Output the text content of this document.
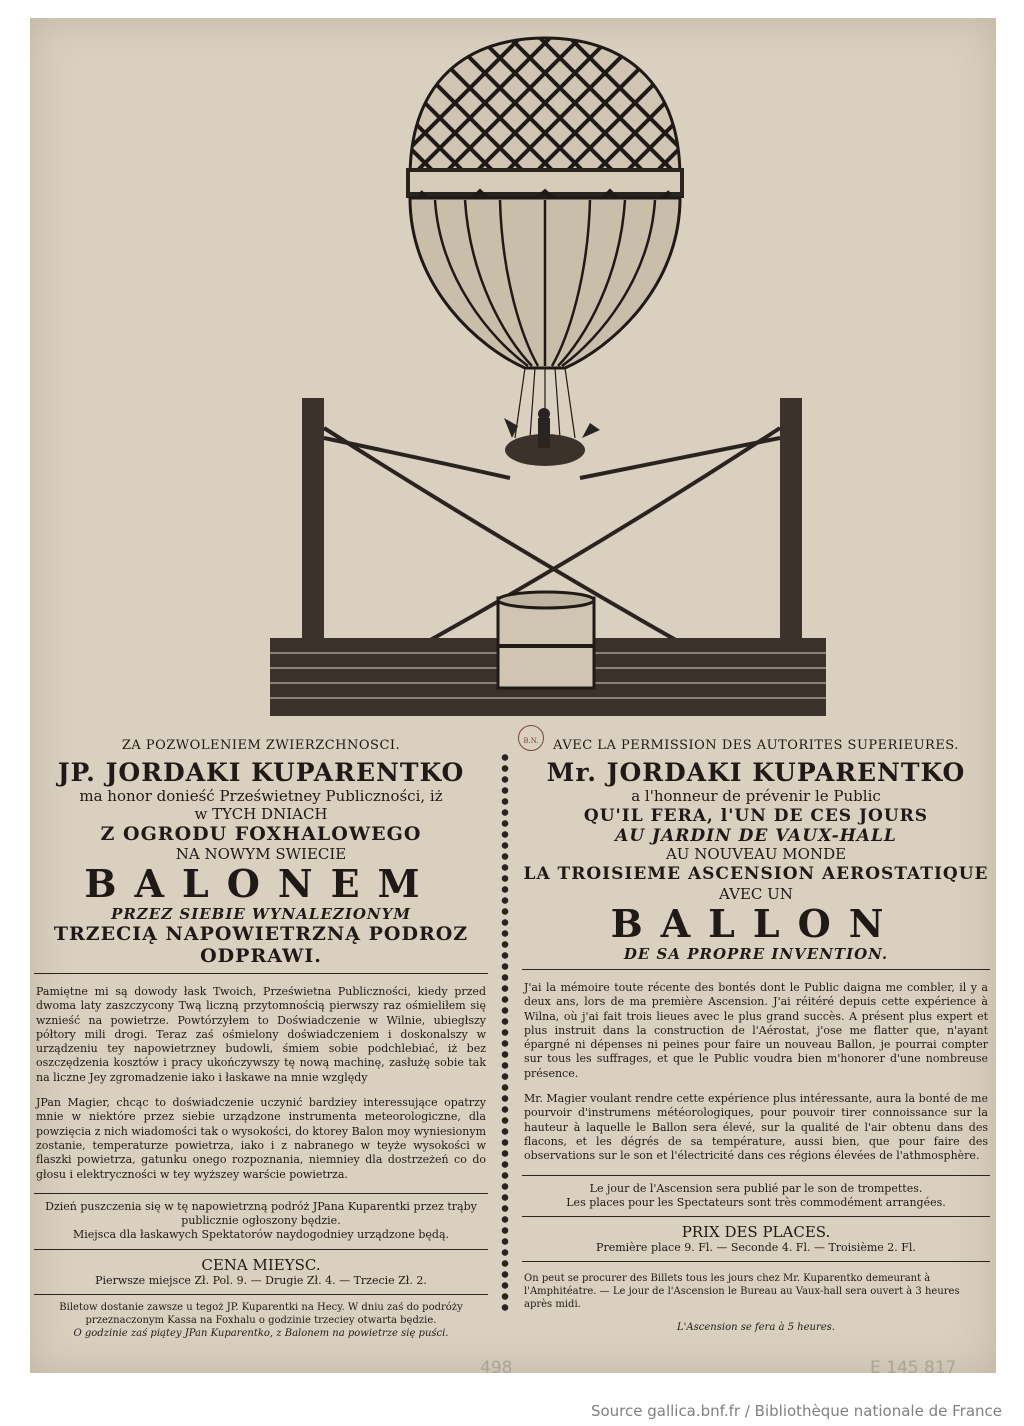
B.N.

ZA POZWOLENIEM ZWIERZCHNOSCI.

JP. JORDAKI KUPARENTKO

ma honor donieść Prześwietney Publiczności, iż

w TYCH DNIACH

Z OGRODU FOXHALOWEGO

NA NOWYM SWIECIE

BALONEM

PRZEZ SIEBIE WYNALEZIONYM

TRZECIĄ NAPOWIETRZNĄ PODROZ

ODPRAWI.

Pamiętne mi są dowody łask Twoich, Prześwietna Publiczności, kiedy przed dwoma laty zaszczycony Twą liczną przytomnością pierwszy raz ośmieliłem się wznieść na powietrze. Powtórzyłem to Doświadczenie w Wilnie, ubiegłszy półtory mili drogi. Teraz zaś ośmielony doświadczeniem i doskonalszy w urządzeniu tey napowietrzney budowli, śmiem sobie podchlebiać, iż bez oszczędzenia kosztów i pracy ukończywszy tę nową machinę, zasłużę sobie tak na liczne Jey zgromadzenie iako i łaskawe na mnie względy

JPan Magier, chcąc to doświadczenie uczynić bardziey interessujące opatrzy mnie w niektóre przez siebie urządzone instrumenta meteorologiczne, dla powzięcia z nich wiadomości tak o wysokości, do ktorey Balon moy wyniesionym zostanie, temperaturze powietrza, iako i z nabranego w teyże wysokości w flaszki powietrza, gatunku onego rozpoznania, niemniey dla dostrzeżeń co do głosu i elektryczności w tey wyższey warście powietrza.

Dzień puszczenia się w tę napowietrzną podróż JPana Kuparentki przez trąby publicznie ogłoszony będzie.

Miejsca dla łaskawych Spektatorów naydogodniey urządzone będą.

CENA MIEYSC.

Pierwsze miejsce Zł. Pol. 9. — Drugie Zł. 4. — Trzecie Zł. 2.

Biletow dostanie zawsze u tegoż JP. Kuparentki na Hecy. W dniu zaś do podróży przeznaczonym Kassa na Foxhalu o godzinie trzeciey otwarta będzie.

O godzinie zaś piątey JPan Kuparentko, z Balonem na powietrze się puści.

AVEC LA PERMISSION DES AUTORITES SUPERIEURES.

Mr. JORDAKI KUPARENTKO

a l'honneur de prévenir le Public

QU'IL FERA, l'UN DE CES JOURS

AU JARDIN DE VAUX-HALL

AU NOUVEAU MONDE

LA TROISIEME ASCENSION AEROSTATIQUE

AVEC UN

BALLON

DE SA PROPRE INVENTION.

J'ai la mémoire toute récente des bontés dont le Public daigna me combler, il y a deux ans, lors de ma première Ascension. J'ai réitéré depuis cette expérience à Wilna, où j'ai fait trois lieues avec le plus grand succès. A présent plus expert et plus instruit dans la construction de l'Aérostat, j'ose me flatter que, n'ayant épargné ni dépenses ni peines pour faire un nouveau Ballon, je pourrai compter sur tous les suffrages, et que le Public voudra bien m'honorer d'une nombreuse présence.

Mr. Magier voulant rendre cette expérience plus intéressante, aura la bonté de me pourvoir d'instrumens météorologiques, pour pouvoir tirer connoissance sur la hauteur à laquelle le Ballon sera élevé, sur la qualité de l'air obtenu dans des flacons, et les dégrés de sa température, aussi bien, que pour faire des observations sur le son et l'électricité dans ces régions élevées de l'athmosphère.

Le jour de l'Ascension sera publié par le son de trompettes.

Les places pour les Spectateurs sont très commodément arrangées.

PRIX DES PLACES.

Première place 9. Fl. — Seconde 4. Fl. — Troisième 2. Fl.

On peut se procurer des Billets tous les jours chez Mr. Kuparentko demeurant à l'Amphitéatre. — Le jour de l'Ascension le Bureau au Vaux-hall sera ouvert à 3 heures après midi.

L'Ascension se fera à 5 heures.

498	E 145 817
Source gallica.bnf.fr / Bibliothèque nationale de France
